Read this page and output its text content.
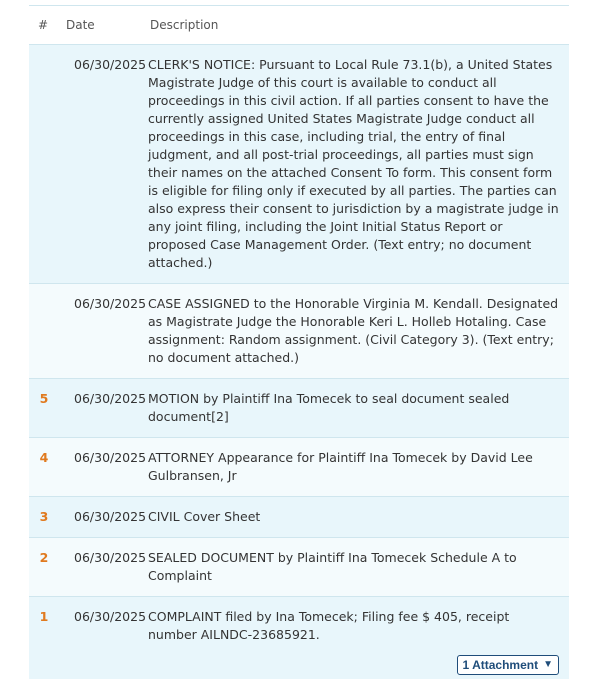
#	Date	Description
06/30/2025 CLERK'S NOTICE: Pursuant to Local Rule 73.1(b), a United States Magistrate Judge of this court is available to conduct all proceedings in this civil action. If all parties consent to have the currently assigned United States Magistrate Judge conduct all proceedings in this case, including trial, the entry of final judgment, and all post-trial proceedings, all parties must sign their names on the attached Consent To form. This consent form is eligible for filing only if executed by all parties. The parties can also express their consent to jurisdiction by a magistrate judge in any joint filing, including the Joint Initial Status Report or proposed Case Management Order. (Text entry; no document attached.)
06/30/2025 CASE ASSIGNED to the Honorable Virginia M. Kendall. Designated as Magistrate Judge the Honorable Keri L. Holleb Hotaling. Case assignment: Random assignment. (Civil Category 3). (Text entry; no document attached.)
5	06/30/2025 MOTION by Plaintiff Ina Tomecek to seal document sealed document[2]
4	06/30/2025 ATTORNEY Appearance for Plaintiff Ina Tomecek by David Lee Gulbransen, Jr
3	06/30/2025 CIVIL Cover Sheet
2	06/30/2025 SEALED DOCUMENT by Plaintiff Ina Tomecek Schedule A to Complaint
1	06/30/2025 COMPLAINT filed by Ina Tomecek; Filing fee $ 405, receipt number AILNDC-23685921.
1 Attachment ▼
